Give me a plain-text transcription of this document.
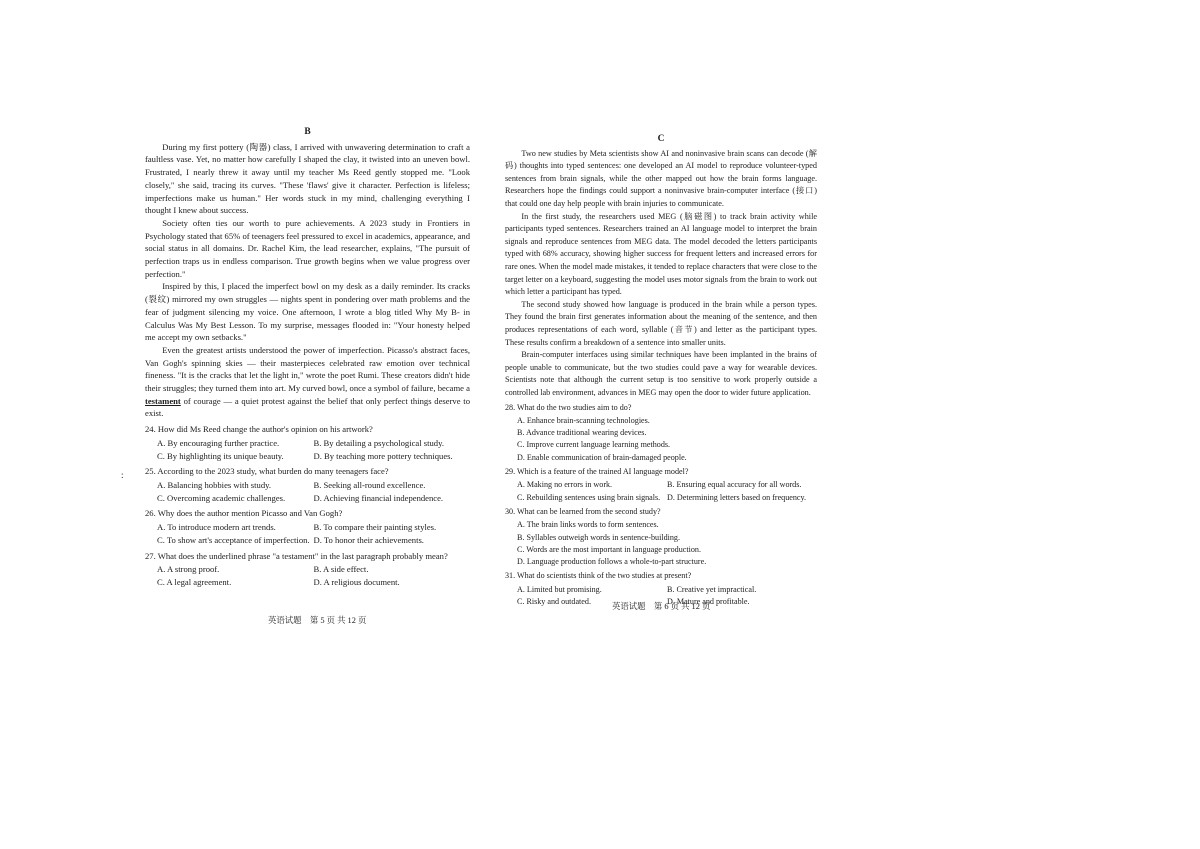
:
B

During my first pottery (陶器) class, I arrived with unwavering determination to craft a faultless vase. Yet, no matter how carefully I shaped the clay, it twisted into an uneven bowl. Frustrated, I nearly threw it away until my teacher Ms Reed gently stopped me. "Look closely," she said, tracing its curves. "These 'flaws' give it character. Perfection is lifeless; imperfections make us human." Her words stuck in my mind, challenging everything I thought I knew about success.

Society often ties our worth to pure achievements. A 2023 study in Frontiers in Psychology stated that 65% of teenagers feel pressured to excel in academics, appearance, and social status in all domains. Dr. Rachel Kim, the lead researcher, explains, "The pursuit of perfection traps us in endless comparison. True growth begins when we value progress over perfection."

Inspired by this, I placed the imperfect bowl on my desk as a daily reminder. Its cracks (裂纹) mirrored my own struggles — nights spent in pondering over math problems and the fear of judgment silencing my voice. One afternoon, I wrote a blog titled Why My B- in Calculus Was My Best Lesson. To my surprise, messages flooded in: "Your honesty helped me accept my own setbacks."

Even the greatest artists understood the power of imperfection. Picasso's abstract faces, Van Gogh's spinning skies — their masterpieces celebrated raw emotion over technical fineness. "It is the cracks that let the light in," wrote the poet Rumi. These creators didn't hide their struggles; they turned them into art. My curved bowl, once a symbol of failure, became a testament of courage — a quiet protest against the belief that only perfect things deserve to exist.

24. How did Ms Reed change the author's opinion on his artwork?
A. By encouraging further practice.	B. By detailing a psychological study.
C. By highlighting its unique beauty.	D. By teaching more pottery techniques.
25. According to the 2023 study, what burden do many teenagers face?
A. Balancing hobbies with study.	B. Seeking all-round excellence.
C. Overcoming academic challenges.	D. Achieving financial independence.
26. Why does the author mention Picasso and Van Gogh?
A. To introduce modern art trends.	B. To compare their painting styles.
C. To show art's acceptance of imperfection. D. To honor their achievements.
27. What does the underlined phrase "a testament" in the last paragraph probably mean?
A. A strong proof.	B. A side effect.
C. A legal agreement.	D. A religious document.
英语试题　第 5 页 共 12 页
C

Two new studies by Meta scientists show AI and noninvasive brain scans can decode (解码) thoughts into typed sentences: one developed an AI model to reproduce volunteer-typed sentences from brain signals, while the other mapped out how the brain forms language. Researchers hope the findings could support a noninvasive brain-computer interface (接口) that could one day help people with brain injuries to communicate.

In the first study, the researchers used MEG (脑磁图) to track brain activity while participants typed sentences. Researchers trained an AI language model to interpret the brain signals and reproduce sentences from MEG data. The model decoded the letters participants typed with 68% accuracy, showing higher success for frequent letters and increased errors for rare ones. When the model made mistakes, it tended to replace characters that were close to the target letter on a keyboard, suggesting the model uses motor signals from the brain to work out which letter a participant has typed.

The second study showed how language is produced in the brain while a person types. They found the brain first generates information about the meaning of the sentence, and then produces representations of each word, syllable (音节) and letter as the participant types. These results confirm a breakdown of a sentence into smaller units.

Brain-computer interfaces using similar techniques have been implanted in the brains of people unable to communicate, but the two studies could pave a way for wearable devices. Scientists note that although the current setup is too sensitive to work properly outside a controlled lab environment, advances in MEG may open the door to wider future application.

28. What do the two studies aim to do?
A. Enhance brain-scanning technologies.
B. Advance traditional wearing devices.
C. Improve current language learning methods.
D. Enable communication of brain-damaged people.
29. Which is a feature of the trained AI language model?
A. Making no errors in work.	B. Ensuring equal accuracy for all words.
C. Rebuilding sentences using brain signals. D. Determining letters based on frequency.
30. What can be learned from the second study?
A. The brain links words to form sentences.
B. Syllables outweigh words in sentence-building.
C. Words are the most important in language production.
D. Language production follows a whole-to-part structure.
31. What do scientists think of the two studies at present?
A. Limited but promising.	B. Creative yet impractical.
C. Risky and outdated.	D. Mature and profitable.
英语试题　第 6 页 共 12 页
